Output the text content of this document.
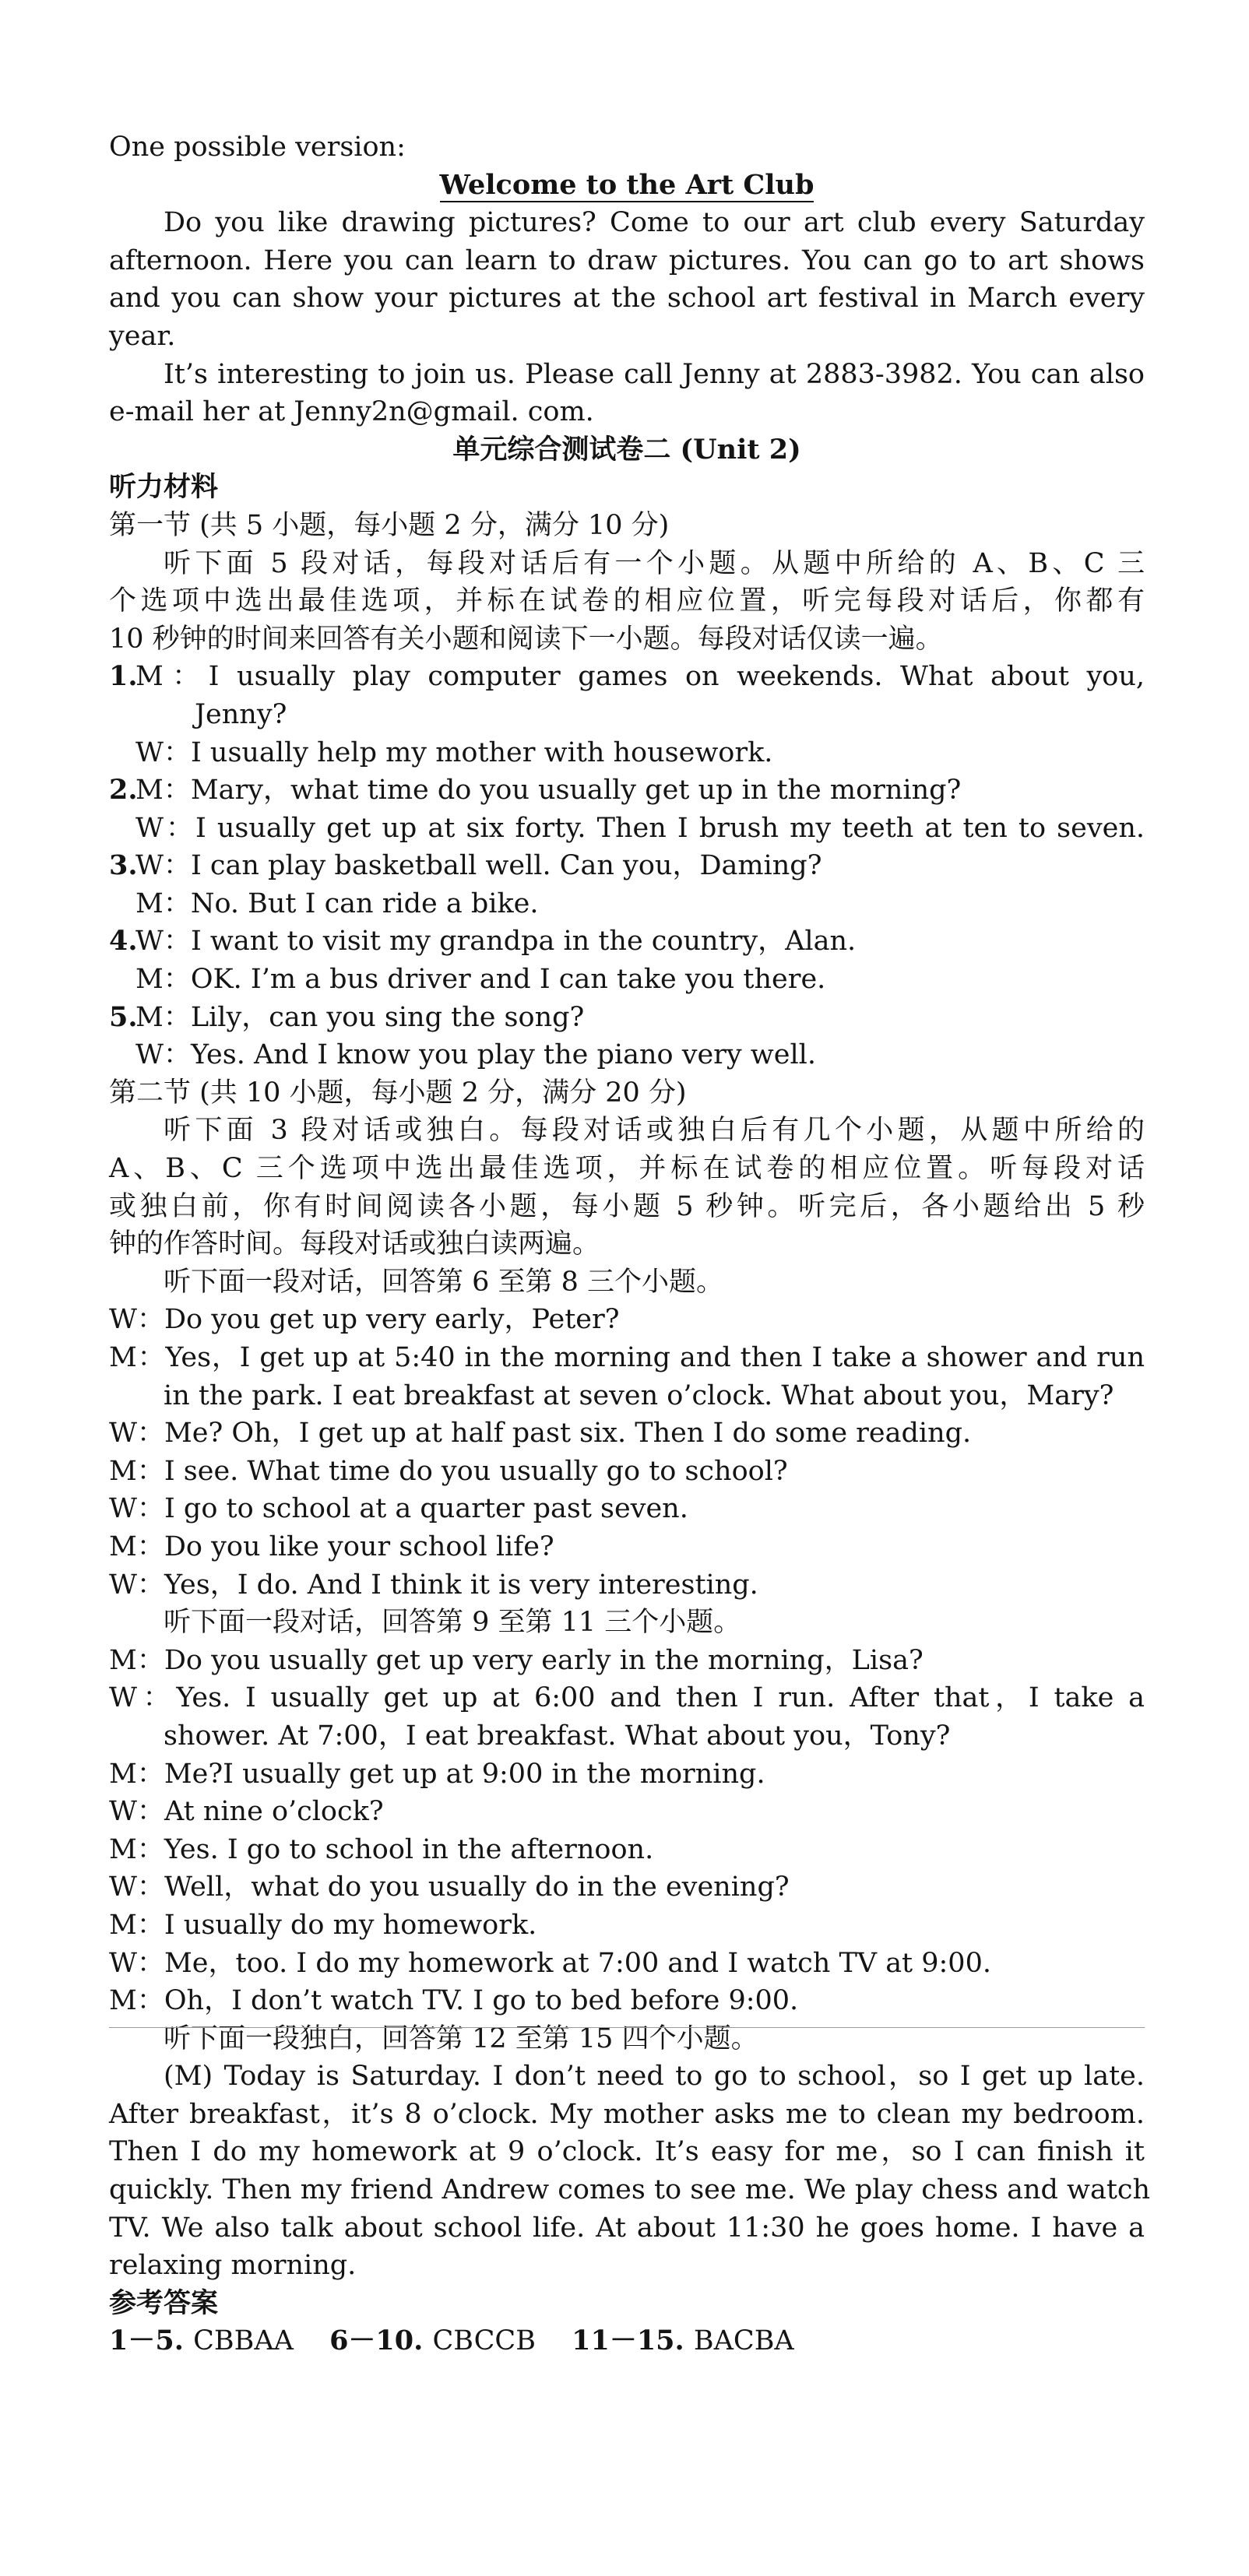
One possible version:
Welcome to the Art Club
Do you like drawing pictures? Come to our art club every Saturday
afternoon. Here you can learn to draw pictures. You can go to art shows
and you can show your pictures at the school art festival in March every
year.
It’s interesting to join us. Please call Jenny at 2883-3982. You can also
e-mail her at Jenny2n@gmail. com.
单元综合测试卷二 (Unit 2)
听力材料
第一节 (共 5 小题，每小题 2 分，满分 10 分)
听下面 5 段对话，每段对话后有一个小题。从题中所给的 A、B、C 三
个选项中选出最佳选项，并标在试卷的相应位置，听完每段对话后，你都有
10 秒钟的时间来回答有关小题和阅读下一小题。每段对话仅读一遍。
1.M：I usually play computer games on weekends. What about you,
Jenny?
W：I usually help my mother with housework.
2.M：Mary，what time do you usually get up in the morning?
W：I usually get up at six forty. Then I brush my teeth at ten to seven.
3.W：I can play basketball well. Can you，Daming?
M：No. But I can ride a bike.
4.W：I want to visit my grandpa in the country，Alan.
M：OK. I’m a bus driver and I can take you there.
5.M：Lily，can you sing the song?
W：Yes. And I know you play the piano very well.
第二节 (共 10 小题，每小题 2 分，满分 20 分)
听下面 3 段对话或独白。每段对话或独白后有几个小题，从题中所给的
A、B、C 三个选项中选出最佳选项，并标在试卷的相应位置。听每段对话
或独白前，你有时间阅读各小题，每小题 5 秒钟。听完后，各小题给出 5 秒
钟的作答时间。每段对话或独白读两遍。
听下面一段对话，回答第 6 至第 8 三个小题。
W：Do you get up very early，Peter?
M：Yes，I get up at 5:40 in the morning and then I take a shower and run
in the park. I eat breakfast at seven o’clock. What about you，Mary?
W：Me? Oh，I get up at half past six. Then I do some reading.
M：I see. What time do you usually go to school?
W：I go to school at a quarter past seven.
M：Do you like your school life?
W：Yes，I do. And I think it is very interesting.
听下面一段对话，回答第 9 至第 11 三个小题。
M：Do you usually get up very early in the morning，Lisa?
W：Yes. I usually get up at 6:00 and then I run. After that，I take a
shower. At 7:00，I eat breakfast. What about you，Tony?
M：Me?I usually get up at 9:00 in the morning.
W：At nine o’clock?
M：Yes. I go to school in the afternoon.
W：Well，what do you usually do in the evening?
M：I usually do my homework.
W：Me，too. I do my homework at 7:00 and I watch TV at 9:00.
M：Oh，I don’t watch TV. I go to bed before 9:00.
听下面一段独白，回答第 12 至第 15 四个小题。
(M) Today is Saturday. I don’t need to go to school，so I get up late.
After breakfast，it’s 8 o’clock. My mother asks me to clean my bedroom.
Then I do my homework at 9 o’clock. It’s easy for me，so I can finish it
quickly. Then my friend Andrew comes to see me. We play chess and watch
TV. We also talk about school life. At about 11:30 he goes home. I have a
relaxing morning.
参考答案
1－5. CBBAA 6－10. CBCCB 11－15. BACBA
